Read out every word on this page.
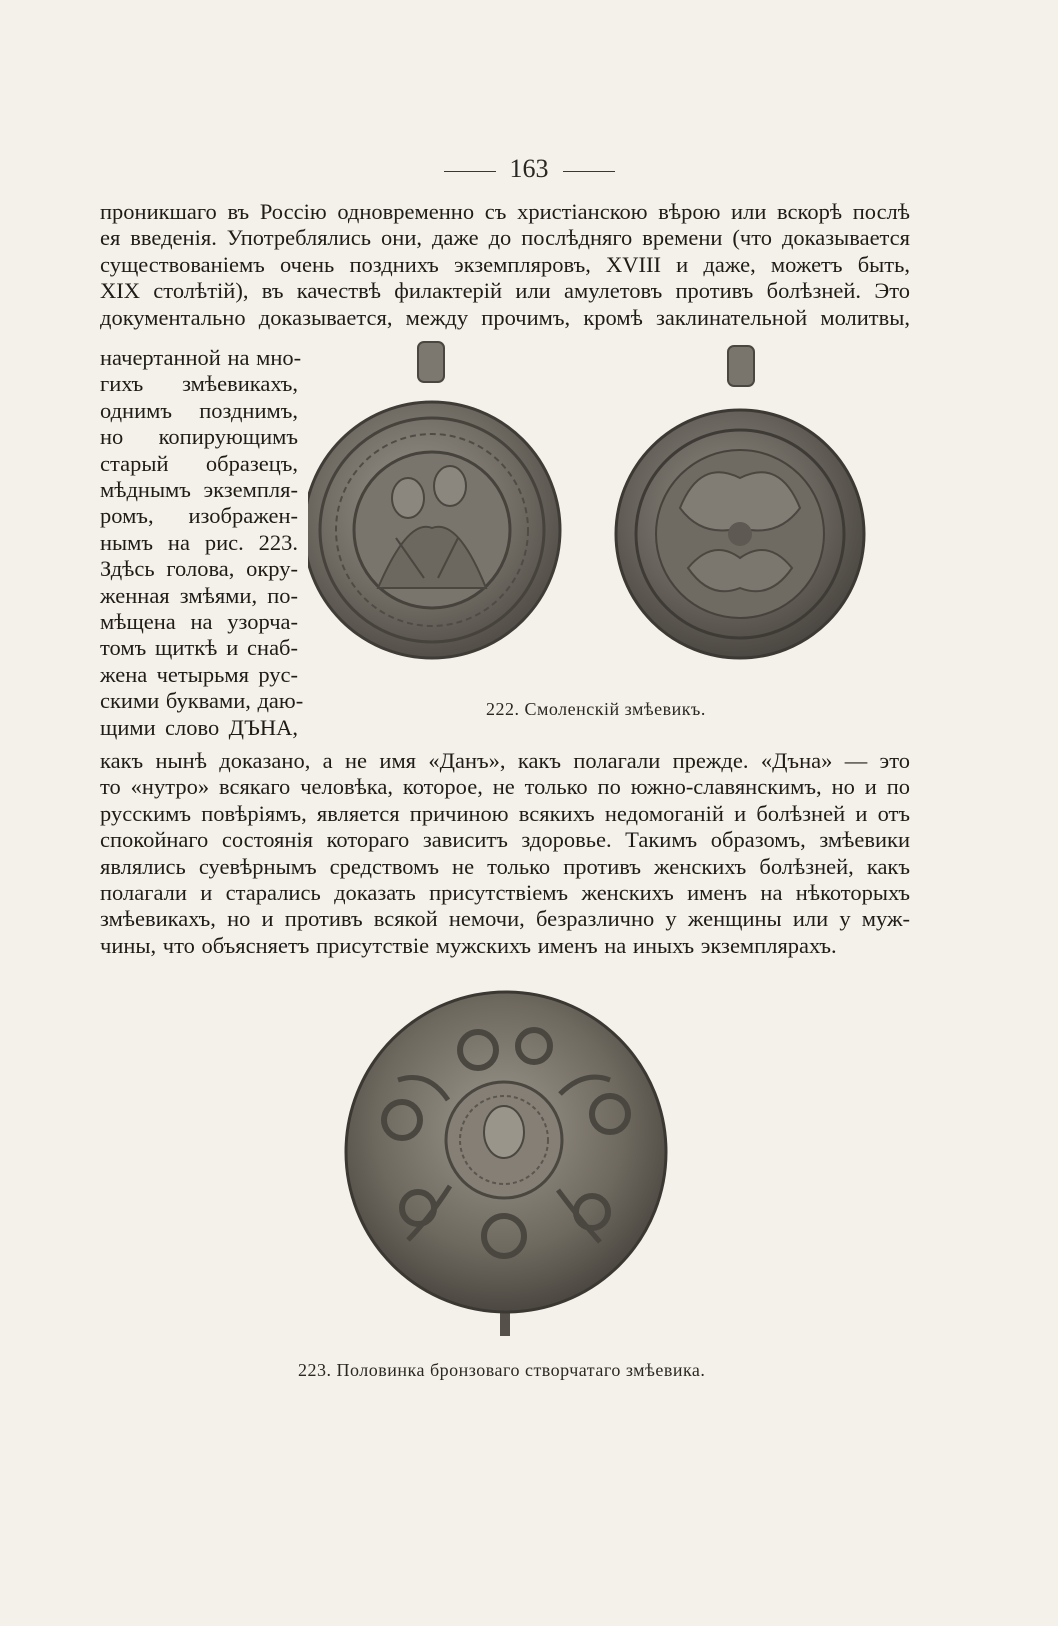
163
проникшаго въ Россію одновременно съ христіанскою вѣрою или вскорѣ послѣ
ея введенія. Употреблялись они, даже до послѣдняго времени (что доказывается
существованіемъ очень позднихъ экземпляровъ, XVIII и даже, можетъ быть,
XIX столѣтій), въ качествѣ филактерій или амулетовъ противъ болѣзней. Это
документально доказывается, между прочимъ, кромѣ заклинательной молитвы,
начертанной на мно-
гихъ змѣевикахъ,
однимъ позднимъ,
но копирующимъ
старый образецъ,
мѣднымъ экземпля-
ромъ, изображен-
нымъ на рис. 223.
Здѣсь голова, окру-
женная змѣями, по-
мѣщена на узорча-
томъ щиткѣ и снаб-
жена четырьмя рус-
скими буквами, даю-
щими слово ДЪНА,
222. Смоленскій змѣевикъ.
какъ нынѣ доказано, а не имя «Данъ», какъ полагали прежде. «Дъна» — это
то «нутро» всякаго человѣка, которое, не только по южно-славянскимъ, но и по
русскимъ повѣріямъ, является причиною всякихъ недомоганій и болѣзней и отъ
спокойнаго состоянія котораго зависитъ здоровье. Такимъ образомъ, змѣевики
являлись суевѣрнымъ средствомъ не только противъ женскихъ болѣзней, какъ
полагали и старались доказать присутствіемъ женскихъ именъ на нѣкоторыхъ
змѣевикахъ, но и противъ всякой немочи, безразлично у женщины или у муж-
чины, что объясняетъ присутствіе мужскихъ именъ на иныхъ экземплярахъ.
223. Половинка бронзоваго створчатаго змѣевика.
